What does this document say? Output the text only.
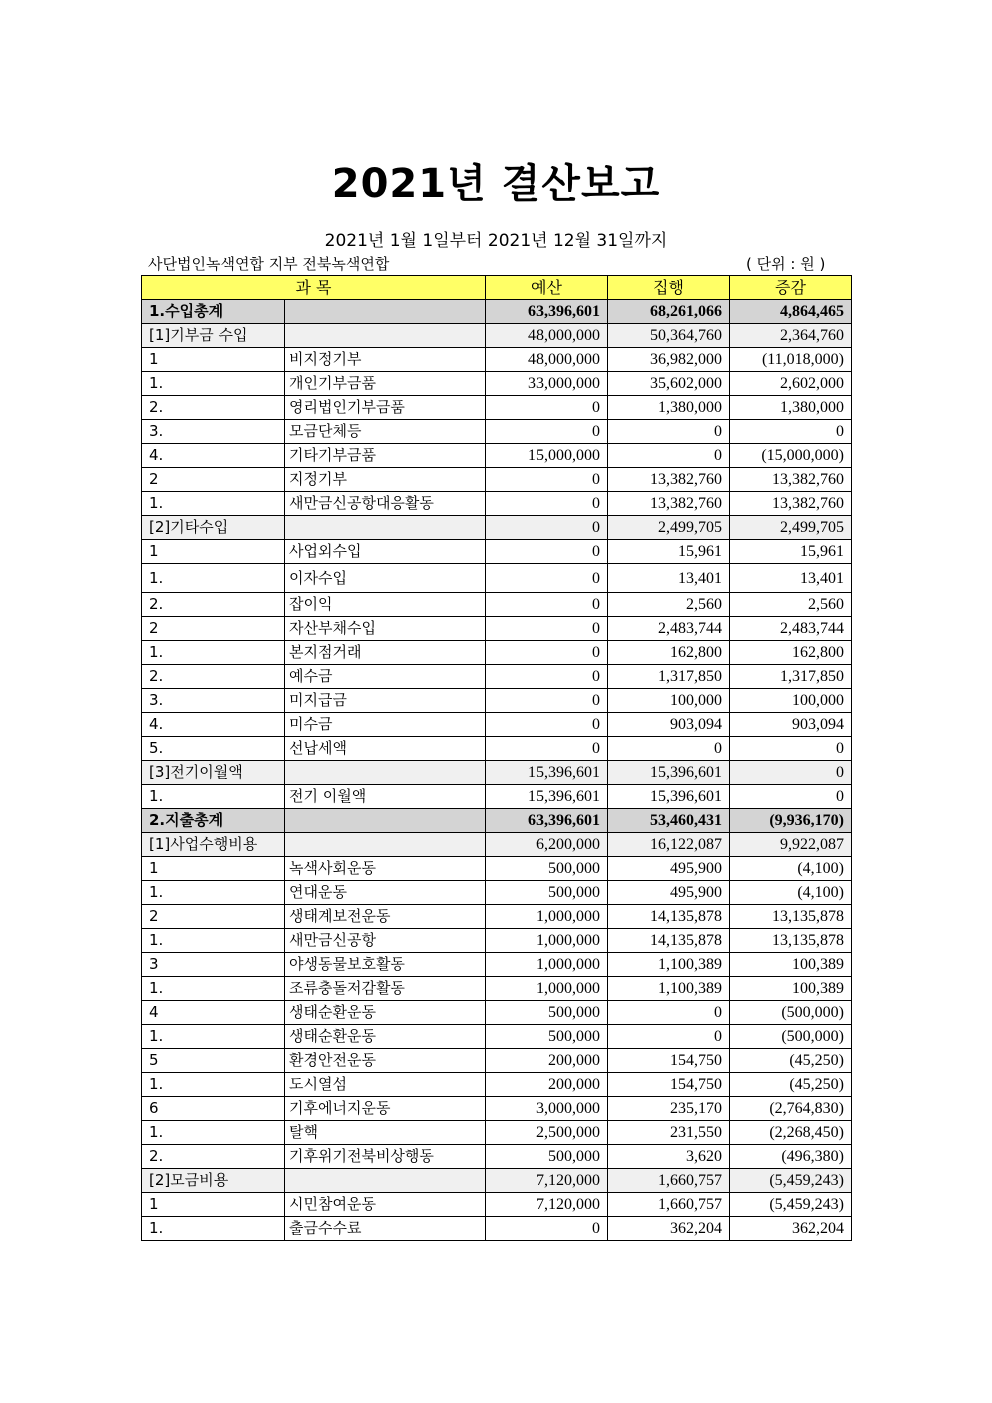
2021년 결산보고
2021년 1월 1일부터 2021년 12월 31일까지
사단법인녹색연합 지부 전북녹색연합	( 단위 : 원 )
과 목		예산	집행	증감
1.수입총계		63,396,601	68,261,066	4,864,465
[1]기부금 수입		48,000,000	50,364,760	2,364,760
1	비지정기부	48,000,000	36,982,000	(11,018,000)
1.	개인기부금품	33,000,000	35,602,000	2,602,000
2.	영리법인기부금품	0	1,380,000	1,380,000
3.	모금단체등	0	0	0
4.	기타기부금품	15,000,000	0	(15,000,000)
2	지정기부	0	13,382,760	13,382,760
1.	새만금신공항대응활동	0	13,382,760	13,382,760
[2]기타수입		0	2,499,705	2,499,705
1	사업외수입	0	15,961	15,961
1.	이자수입	0	13,401	13,401
2.	잡이익	0	2,560	2,560
2	자산부채수입	0	2,483,744	2,483,744
1.	본지점거래	0	162,800	162,800
2.	예수금	0	1,317,850	1,317,850
3.	미지급금	0	100,000	100,000
4.	미수금	0	903,094	903,094
5.	선납세액	0	0	0
[3]전기이월액		15,396,601	15,396,601	0
1.	전기 이월액	15,396,601	15,396,601	0
2.지출총계		63,396,601	53,460,431	(9,936,170)
[1]사업수행비용		6,200,000	16,122,087	9,922,087
1	녹색사회운동	500,000	495,900	(4,100)
1.	연대운동	500,000	495,900	(4,100)
2	생태계보전운동	1,000,000	14,135,878	13,135,878
1.	새만금신공항	1,000,000	14,135,878	13,135,878
3	야생동물보호활동	1,000,000	1,100,389	100,389
1.	조류충돌저감활동	1,000,000	1,100,389	100,389
4	생태순환운동	500,000	0	(500,000)
1.	생태순환운동	500,000	0	(500,000)
5	환경안전운동	200,000	154,750	(45,250)
1.	도시열섬	200,000	154,750	(45,250)
6	기후에너지운동	3,000,000	235,170	(2,764,830)
1.	탈핵	2,500,000	231,550	(2,268,450)
2.	기후위기전북비상행동	500,000	3,620	(496,380)
[2]모금비용		7,120,000	1,660,757	(5,459,243)
1	시민참여운동	7,120,000	1,660,757	(5,459,243)
1.	출금수수료	0	362,204	362,204
